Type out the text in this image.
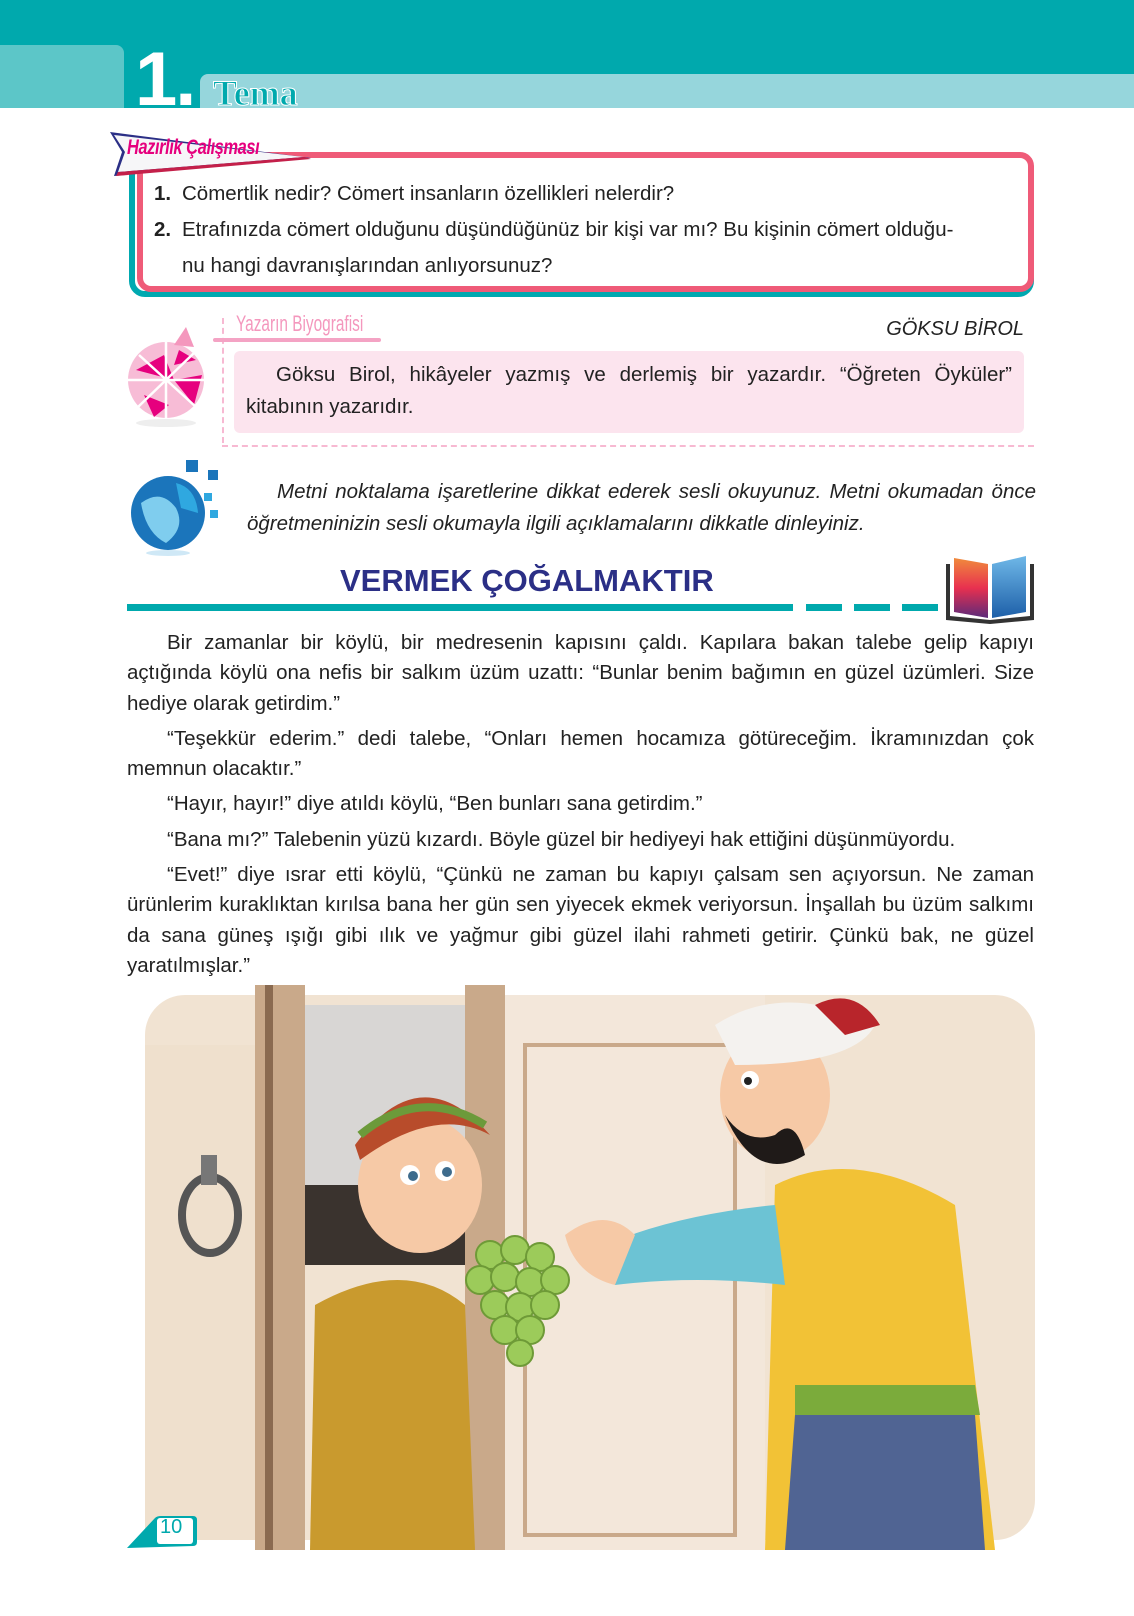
1. Tema
Hazırlık Çalışması
1. Cömertlik nedir? Cömert insanların özellikleri nelerdir?
2. Etrafınızda cömert olduğunu düşündüğünüz bir kişi var mı? Bu kişinin cömert olduğu-
nu hangi davranışlarından anlıyorsunuz?
Yazarın Biyografisi	GÖKSU BİROL
Göksu Birol, hikâyeler yazmış ve derlemiş bir yazardır. “Öğreten Öyküler” kitabının yazarıdır.
Metni noktalama işaretlerine dikkat ederek sesli okuyunuz. Metni okumadan önce öğretmeninizin sesli okumayla ilgili açıklamalarını dikkatle dinleyiniz.
VERMEK ÇOĞALMAKTIR

Bir zamanlar bir köylü, bir medresenin kapısını çaldı. Kapılara bakan talebe gelip kapıyı açtığında köylü ona nefis bir salkım üzüm uzattı: “Bunlar benim bağımın en güzel üzümleri. Size hediye olarak getirdim.”

“Teşekkür ederim.” dedi talebe, “Onları hemen hocamıza götüreceğim. İkramınızdan çok memnun olacaktır.”

“Hayır, hayır!” diye atıldı köylü, “Ben bunları sana getirdim.”

“Bana mı?” Talebenin yüzü kızardı. Böyle güzel bir hediyeyi hak ettiğini düşünmüyordu.

“Evet!” diye ısrar etti köylü, “Çünkü ne zaman bu kapıyı çalsam sen açıyorsun. Ne zaman ürünlerim kuraklıktan kırılsa bana her gün sen yiyecek ekmek veriyorsun. İnşallah bu üzüm salkımı da sana güneş ışığı gibi ılık ve yağmur gibi güzel ilahi rahmeti getirir. Çünkü bak, ne güzel yaratılmışlar.”

10
